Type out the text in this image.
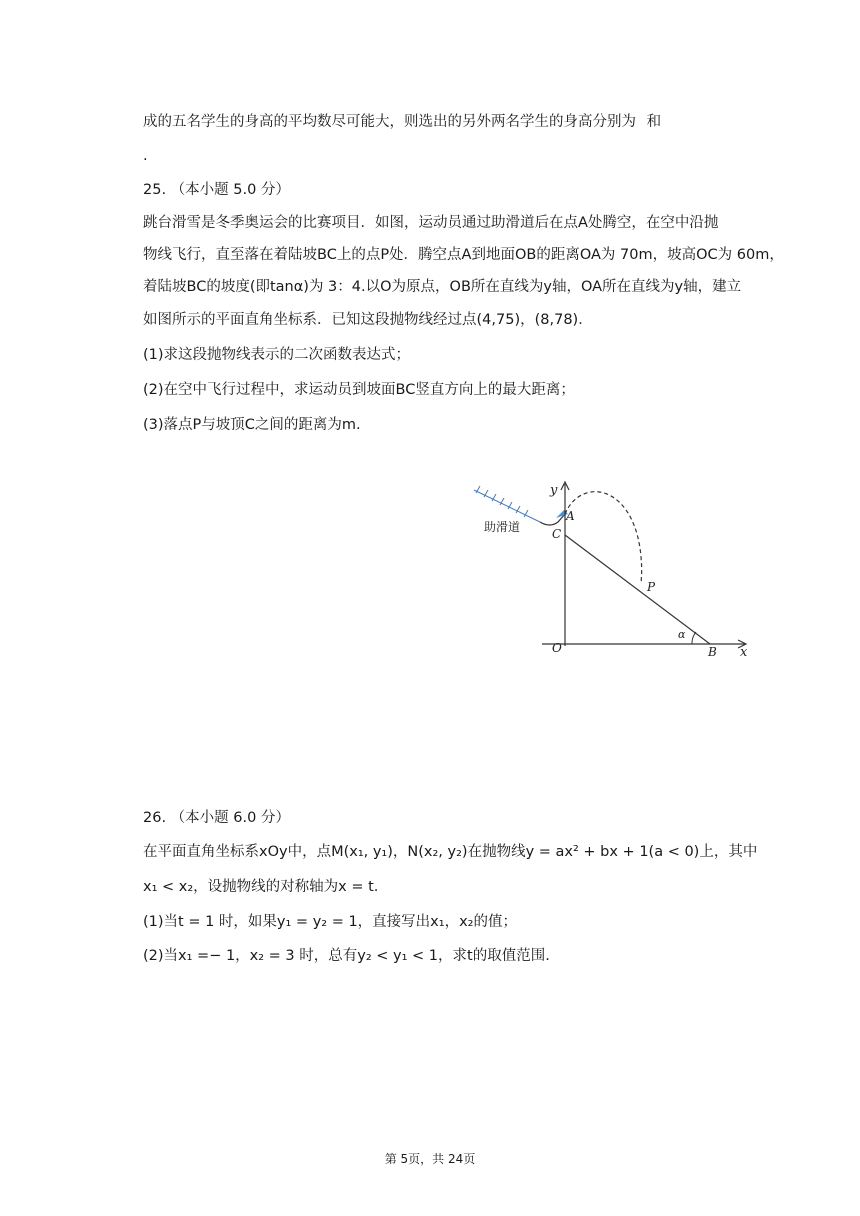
成的五名学生的身高的平均数尽可能大，则选出的另外两名学生的身高分别为 和
.
25. （本小题 5.0 分）
跳台滑雪是冬季奥运会的比赛项目．如图，运动员通过助滑道后在点A处腾空，在空中沿抛
物线飞行，直至落在着陆坡BC上的点P处．腾空点A到地面OB的距离OA为 70m，坡高OC为 60m，
着陆坡BC的坡度(即tanα)为 3：4.以O为原点，OB所在直线为y轴，OA所在直线为y轴，建立
如图所示的平面直角坐标系．已知这段抛物线经过点(4,75)，(8,78)．
(1)求这段抛物线表示的二次函数表达式；
(2)在空中飞行过程中，求运动员到坡面BC竖直方向上的最大距离；
(3)落点P与坡顶C之间的距离为m.
助滑道
y
x
A
C
P
O	B
α
26. （本小题 6.0 分）
在平面直角坐标系xOy中，点M(x₁, y₁)，N(x₂, y₂)在抛物线y = ax² + bx + 1(a < 0)上，其中
x₁ < x₂，设抛物线的对称轴为x = t.
(1)当t = 1 时，如果y₁ = y₂ = 1，直接写出x₁，x₂的值；
(2)当x₁ =− 1，x₂ = 3 时，总有y₂ < y₁ < 1，求t的取值范围.
第 5页，共 24页
